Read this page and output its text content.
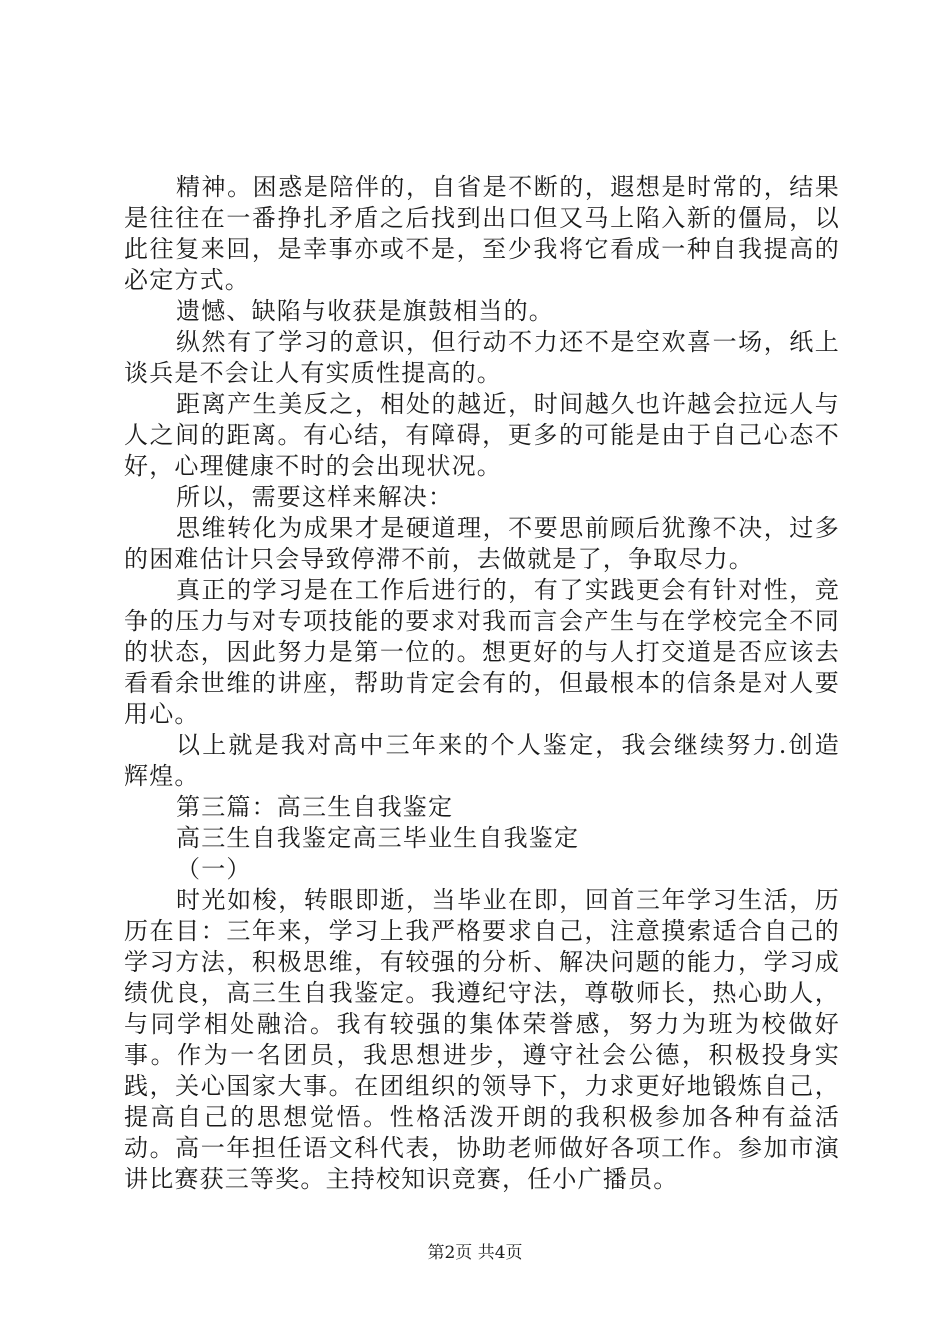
精神。困惑是陪伴的，自省是不断的，遐想是时常的，结果是往往在一番挣扎矛盾之后找到出口但又马上陷入新的僵局，以此往复来回，是幸事亦或不是，至少我将它看成一种自我提高的必定方式。

遗憾、缺陷与收获是旗鼓相当的。

纵然有了学习的意识，但行动不力还不是空欢喜一场，纸上谈兵是不会让人有实质性提高的。

距离产生美反之，相处的越近，时间越久也许越会拉远人与人之间的距离。有心结，有障碍，更多的可能是由于自己心态不好，心理健康不时的会出现状况。

所以，需要这样来解决：

思维转化为成果才是硬道理，不要思前顾后犹豫不决，过多的困难估计只会导致停滞不前，去做就是了，争取尽力。

真正的学习是在工作后进行的，有了实践更会有针对性，竞争的压力与对专项技能的要求对我而言会产生与在学校完全不同的状态，因此努力是第一位的。想更好的与人打交道是否应该去看看余世维的讲座，帮助肯定会有的，但最根本的信条是对人要用心。

以上就是我对高中三年来的个人鉴定，我会继续努力.创造辉煌。

第三篇：高三生自我鉴定

高三生自我鉴定高三毕业生自我鉴定

（一）

时光如梭，转眼即逝，当毕业在即，回首三年学习生活，历历在目：三年来，学习上我严格要求自己，注意摸索适合自己的学习方法，积极思维，有较强的分析、解决问题的能力，学习成绩优良，高三生自我鉴定。我遵纪守法，尊敬师长，热心助人，与同学相处融洽。我有较强的集体荣誉感，努力为班为校做好事。作为一名团员，我思想进步，遵守社会公德，积极投身实践，关心国家大事。在团组织的领导下，力求更好地锻炼自己，提高自己的思想觉悟。性格活泼开朗的我积极参加各种有益活动。高一年担任语文科代表，协助老师做好各项工作。参加市演讲比赛获三等奖。主持校知识竞赛，任小广播员。

第2页 共4页
